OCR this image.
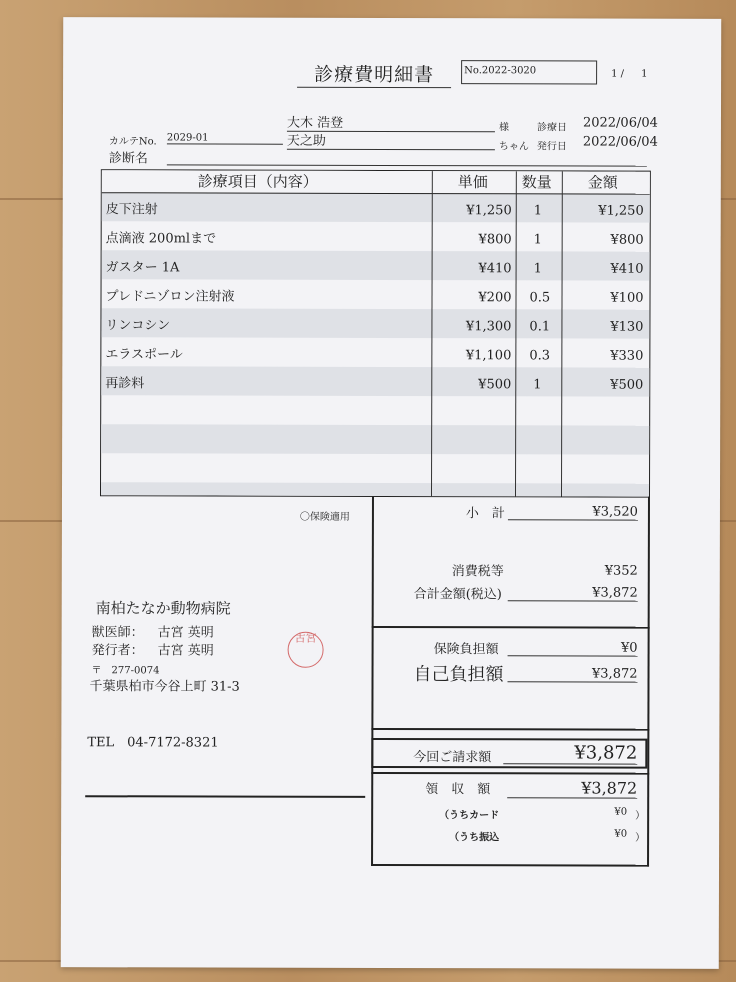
診療費明細書	No.2022-3020	1 / 1
大木 浩登	様	診療日 2022/06/04
カルテNo. 2029-01	天之助	ちゃん 発行日 2022/06/04
診断名
診療項目（内容）	単価 数量 金額
皮下注射	¥1,250 1	¥1,250
点滴液 200mlまで	¥800 1	¥800
ガスター 1A	¥410 1	¥410
プレドニゾロン注射液	¥200 0.5	¥100
リンコシン	¥1,300 0.1	¥130
エラスポール	¥1,100 0.3	¥330
再診料	¥500 1	¥500
〇保険適用	小　計	¥3,520
消費税等	¥352
合計金額(税込)	¥3,872
保険負担額	¥0
自己負担額	¥3,872
今回ご請求額	¥3,872
領　収　額	¥3,872
（うちカード	¥0 ）
（うち振込	¥0 ）
南柏たなか動物病院
獣医師： 古宮 英明
発行者： 古宮 英明
〒　277-0074
千葉県柏市今谷上町 31-3
TEL　04-7172-8321
古宮
